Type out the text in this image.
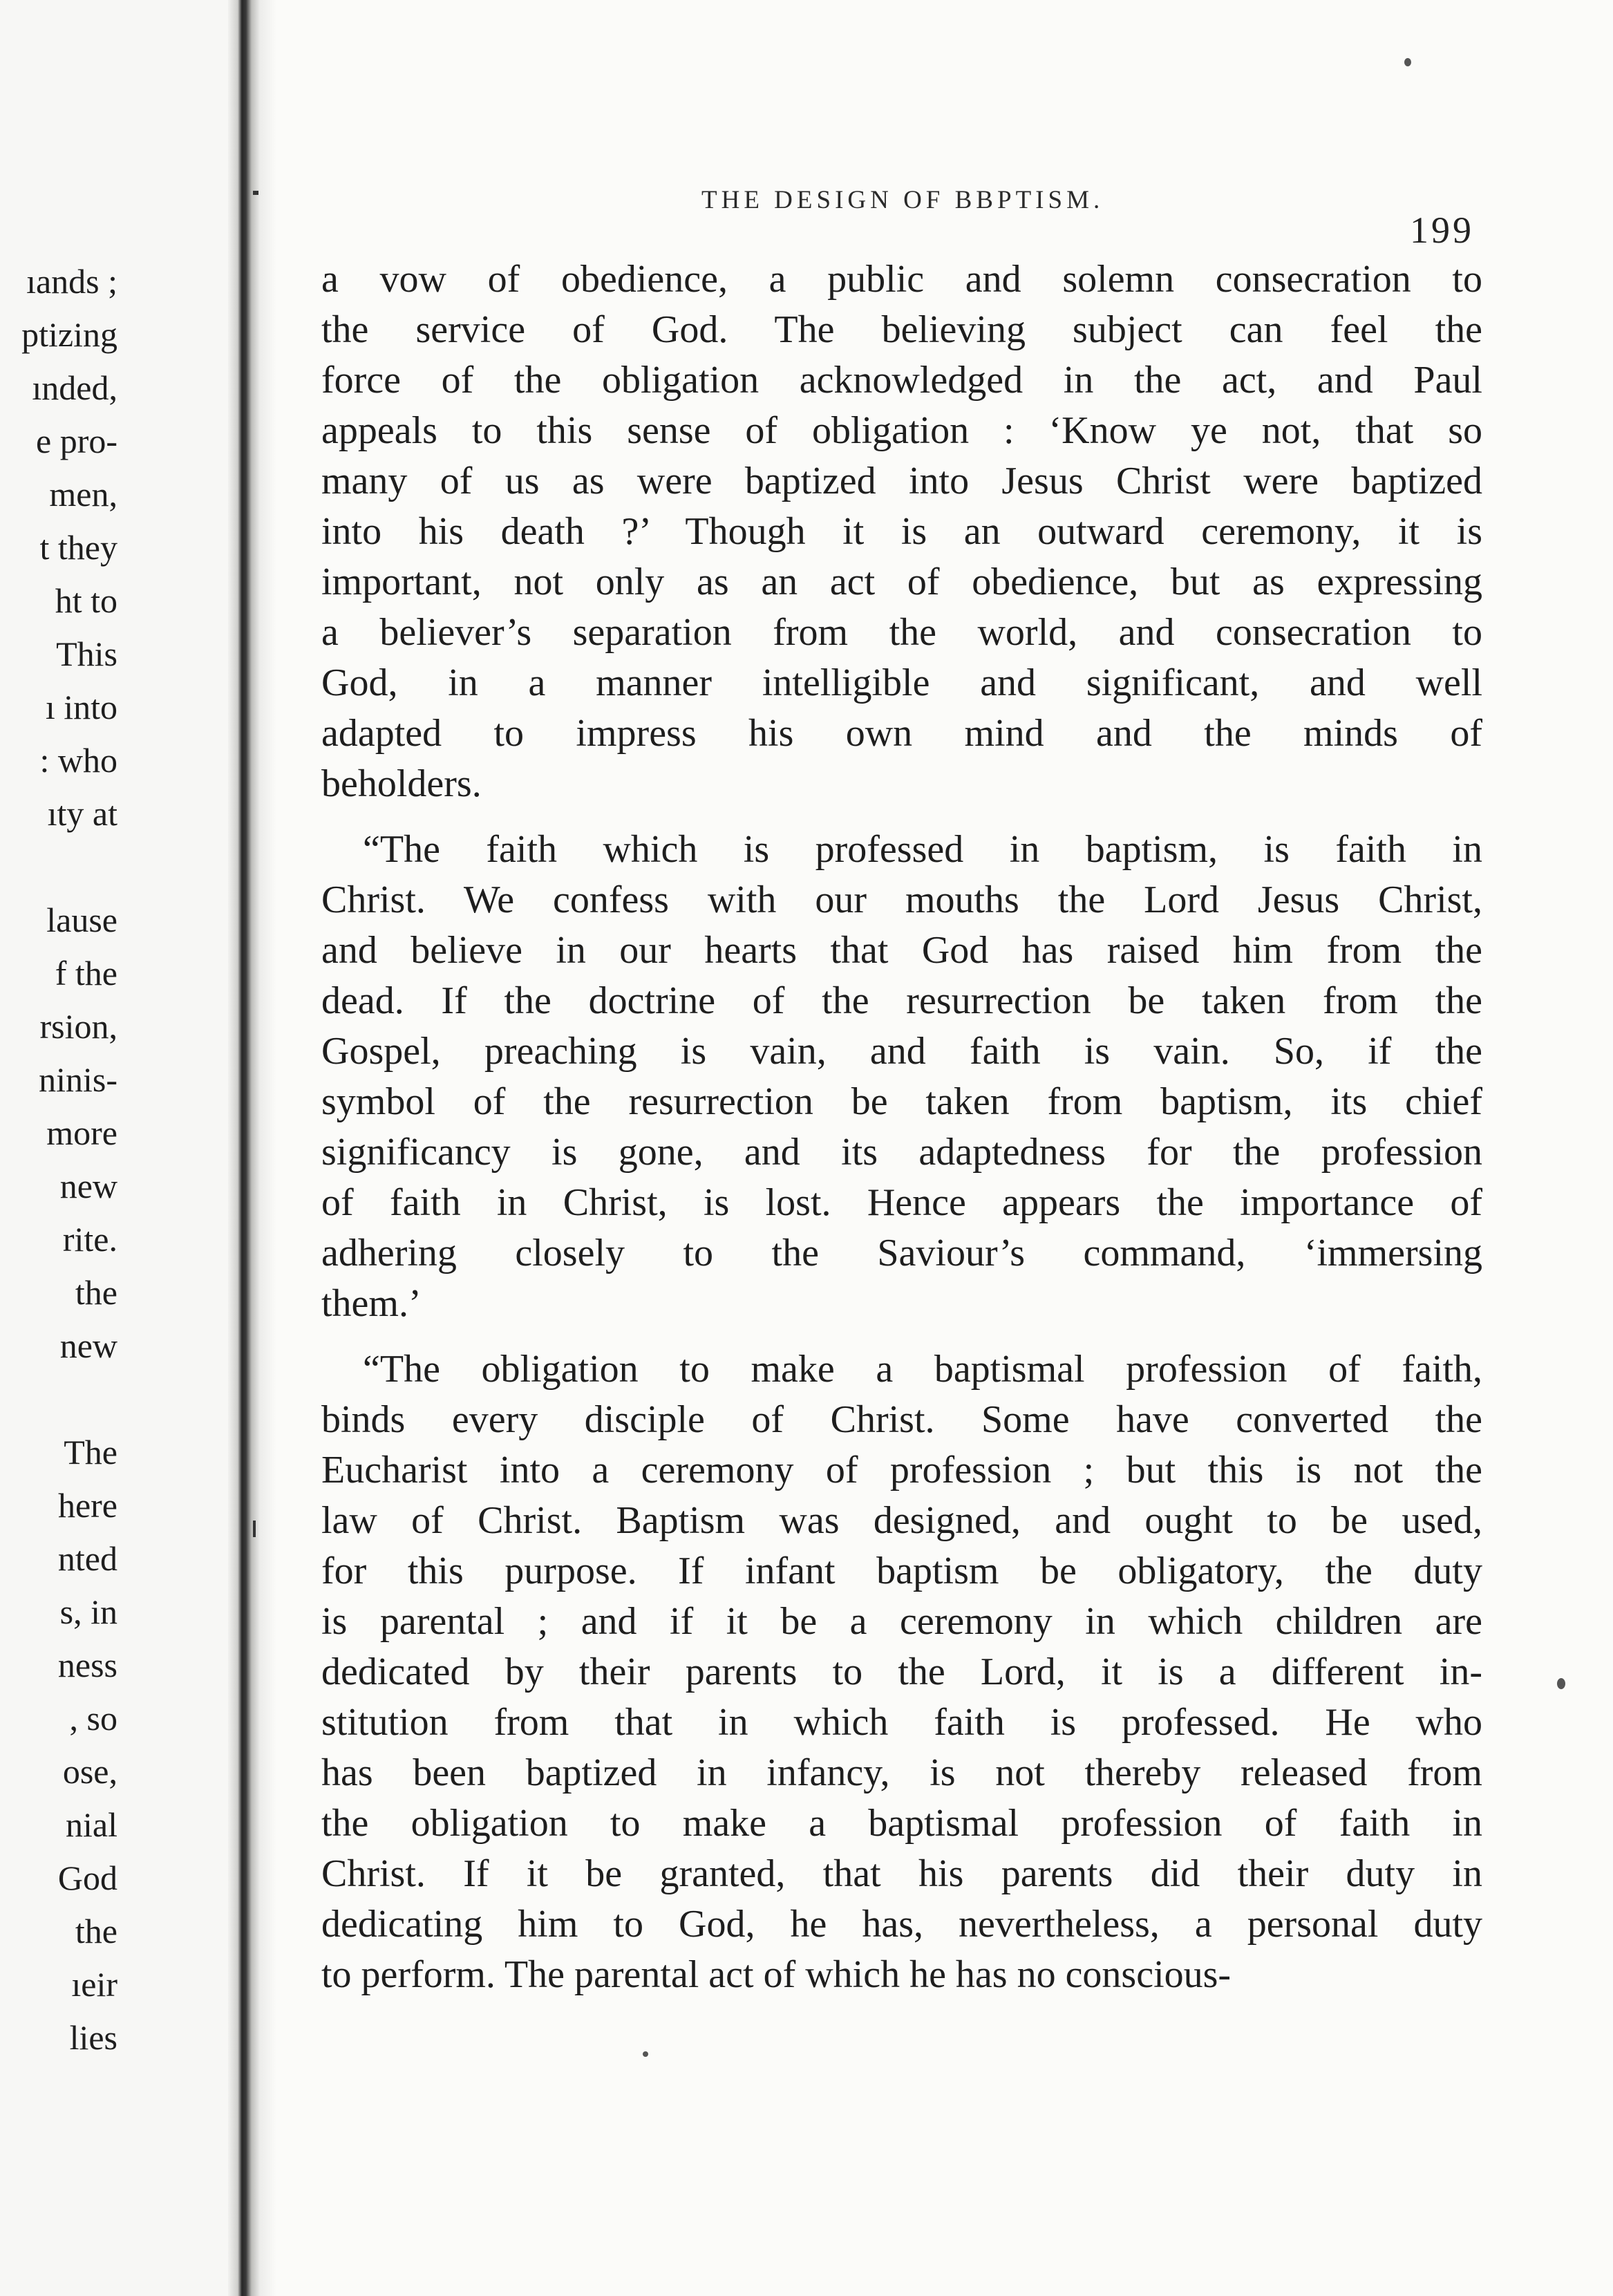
ıands ;
ptizing
ınded,
e pro-
men,
t they
ht to
This
ı into
: who
ıty at
lause
f the
rsion,
ninis-
more
new
rite.
the
new
The
here
nted
s, in
ness
, so
ose,
nial
God
the
ıeir
lies
THE DESIGN OF BBPTISM.
199
a vow of obedience, a public and solemn consecration to
the service of God. The believing subject can feel the
force of the obligation acknowledged in the act, and Paul
appeals to this sense of obligation : ‘Know ye not, that so
many of us as were baptized into Jesus Christ were baptized
into his death ?’ Though it is an outward ceremony, it is
important, not only as an act of obedience, but as expressing
a believer’s separation from the world, and consecration to
God, in a manner intelligible and significant, and well
adapted to impress his own mind and the minds of
beholders.
“The faith which is professed in baptism, is faith in
Christ. We confess with our mouths the Lord Jesus Christ,
and believe in our hearts that God has raised him from the
dead. If the doctrine of the resurrection be taken from the
Gospel, preaching is vain, and faith is vain. So, if the
symbol of the resurrection be taken from baptism, its chief
significancy is gone, and its adaptedness for the profession
of faith in Christ, is lost. Hence appears the importance of
adhering closely to the Saviour’s command, ‘immersing
them.’
“The obligation to make a baptismal profession of faith,
binds every disciple of Christ. Some have converted the
Eucharist into a ceremony of profession ; but this is not the
law of Christ. Baptism was designed, and ought to be used,
for this purpose. If infant baptism be obligatory, the duty
is parental ; and if it be a ceremony in which children are
dedicated by their parents to the Lord, it is a different in-
stitution from that in which faith is professed. He who
has been baptized in infancy, is not thereby released from
the obligation to make a baptismal profession of faith in
Christ. If it be granted, that his parents did their duty in
dedicating him to God, he has, nevertheless, a personal duty
to perform. The parental act of which he has no conscious-
